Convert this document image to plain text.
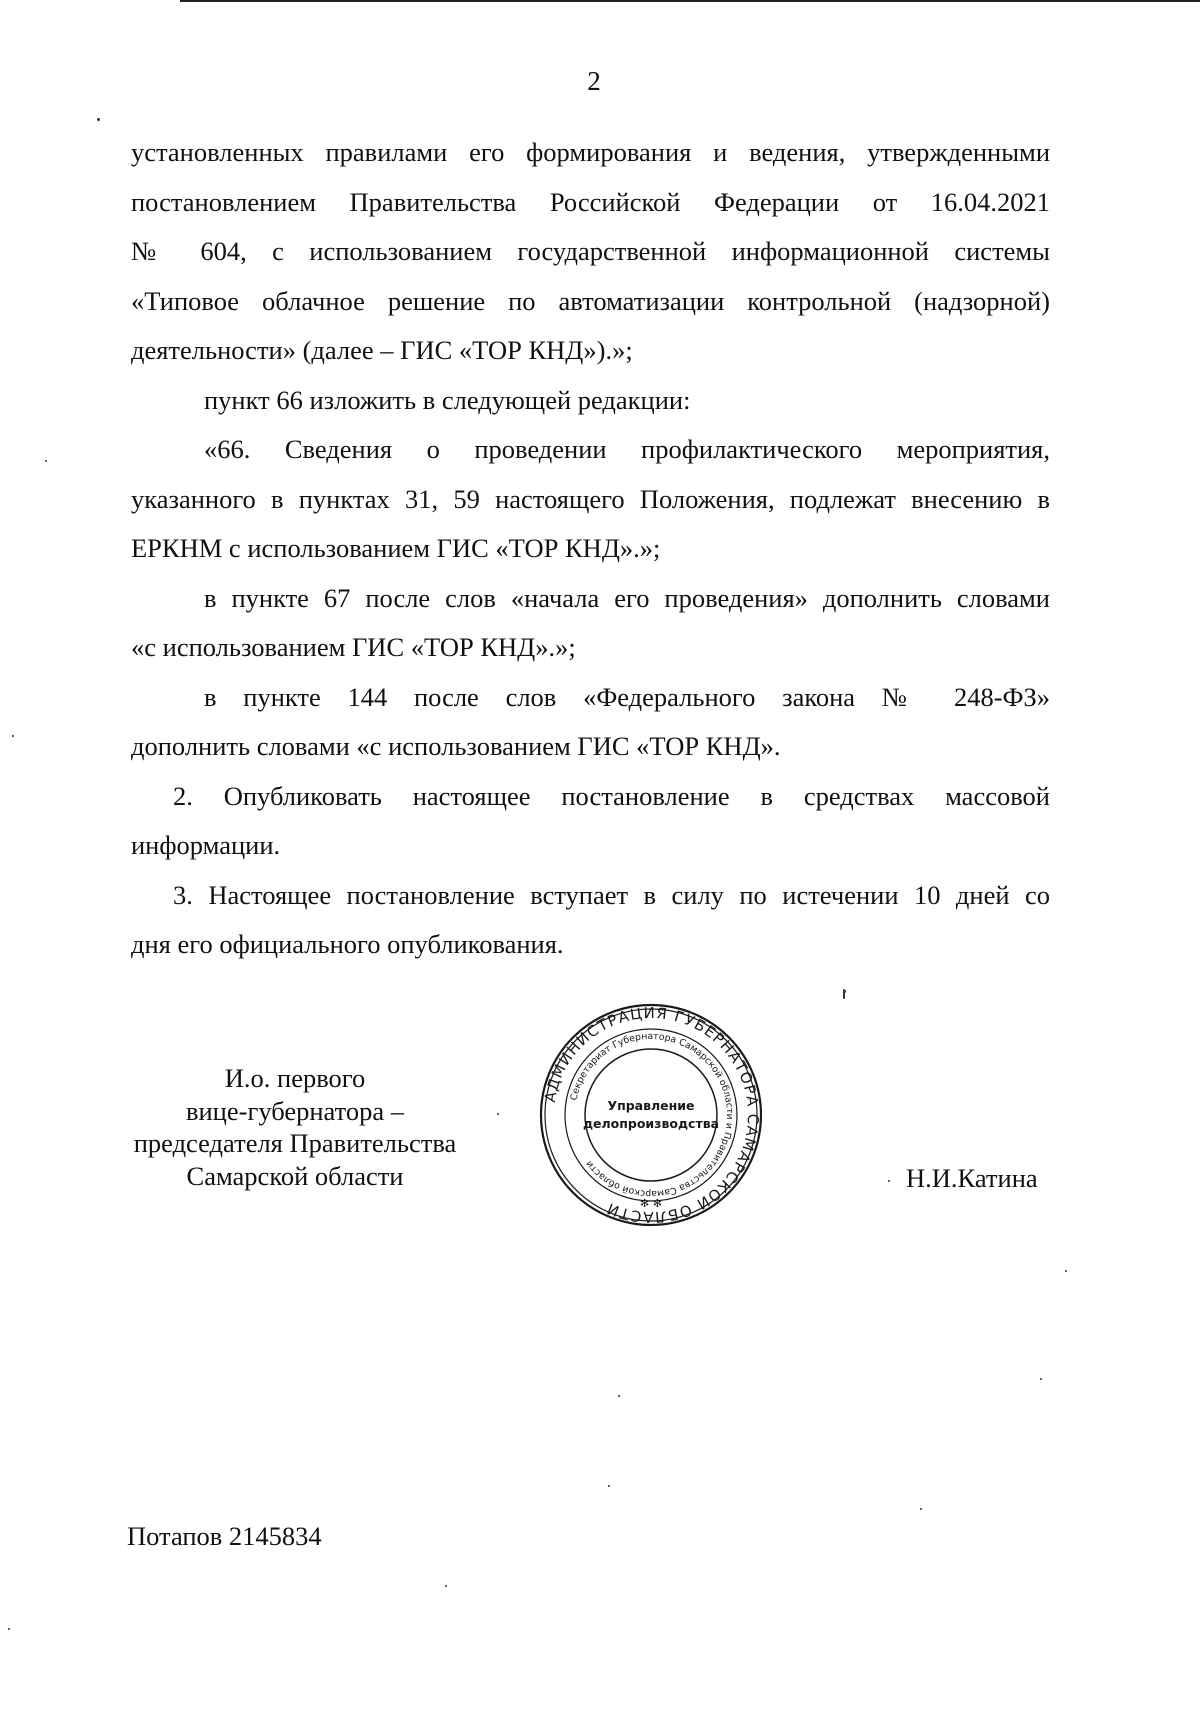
2

установленных правилами его формирования и ведения, утвержденными
постановлением Правительства Российской Федерации от 16.04.2021
№ 604, с использованием государственной информационной системы
«Типовое облачное решение по автоматизации контрольной (надзорной)
деятельности» (далее – ГИС «ТОР КНД»).»;

пункт 66 изложить в следующей редакции:

«66. Сведения о проведении профилактического мероприятия,
указанного в пунктах 31, 59 настоящего Положения, подлежат внесению в
ЕРКНМ с использованием ГИС «ТОР КНД».»;

в пункте 67 после слов «начала его проведения» дополнить словами
«с использованием ГИС «ТОР КНД».»;

в пункте 144 после слов «Федерального закона № 248-ФЗ»
дополнить словами «с использованием ГИС «ТОР КНД».

2. Опубликовать настоящее постановление в средствах массовой
информации.

3. Настоящее постановление вступает в силу по истечении 10 дней со
дня его официального опубликования.

И.о. первого
вице-губернатора –
председателя Правительства
Самарской области
АДМИНИСТРАЦИЯ ГУБЕРНАТОРА САМАРСКОЙ ОБЛАСТИ
Секретариат Губернатора Самарской области и Правительства Самарской области
Управление
делопроизводства
✻ ✻
Н.И.Катина
Потапов 2145834
